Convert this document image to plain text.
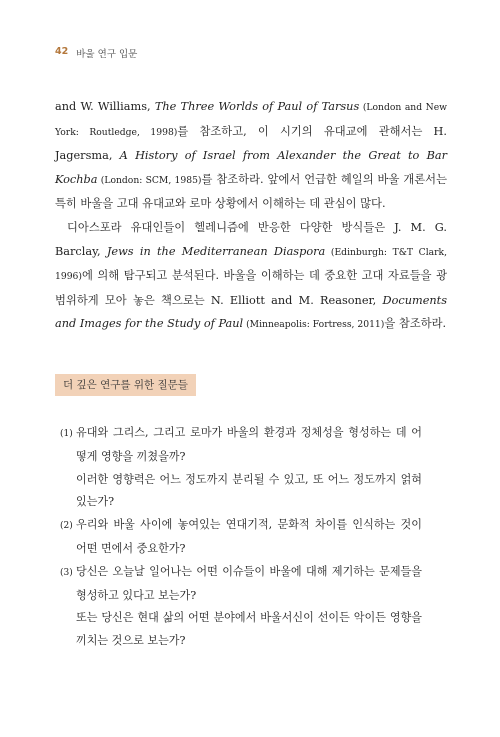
42 바울 연구 입문

and W. Williams, The Three Worlds of Paul of Tarsus (London and New York: Routledge, 1998)를 참조하고, 이 시기의 유대교에 관해서는 H. Jagersma, A History of Israel from Alexander the Great to Bar Kochba (London: SCM, 1985)를 참조하라. 앞에서 언급한 헤일의 바울 개론서는 특히 바울을 고대 유대교와 로마 상황에서 이해하는 데 관심이 많다.

디아스포라 유대인들이 헬레니즘에 반응한 다양한 방식들은 J. M. G. Barclay, Jews in the Mediterranean Diaspora (Edinburgh: T&T Clark, 1996)에 의해 탐구되고 분석된다. 바울을 이해하는 데 중요한 고대 자료들을 광범위하게 모아 놓은 책으로는 N. Elliott and M. Reasoner, Documents and Images for the Study of Paul (Minneapolis: Fortress, 2011)을 참조하라.

더 깊은 연구를 위한 질문들
(1) 유대와 그리스, 그리고 로마가 바울의 환경과 정체성을 형성하는 데 어떻게 영향을 끼쳤을까?

이러한 영향력은 어느 정도까지 분리될 수 있고, 또 어느 정도까지 얽혀있는가?

(2) 우리와 바울 사이에 놓여있는 연대기적, 문화적 차이를 인식하는 것이 어떤 면에서 중요한가?
(3) 당신은 오늘날 일어나는 어떤 이슈들이 바울에 대해 제기하는 문제들을 형성하고 있다고 보는가?

또는 당신은 현대 삶의 어떤 분야에서 바울서신이 선이든 악이든 영향을 끼치는 것으로 보는가?
